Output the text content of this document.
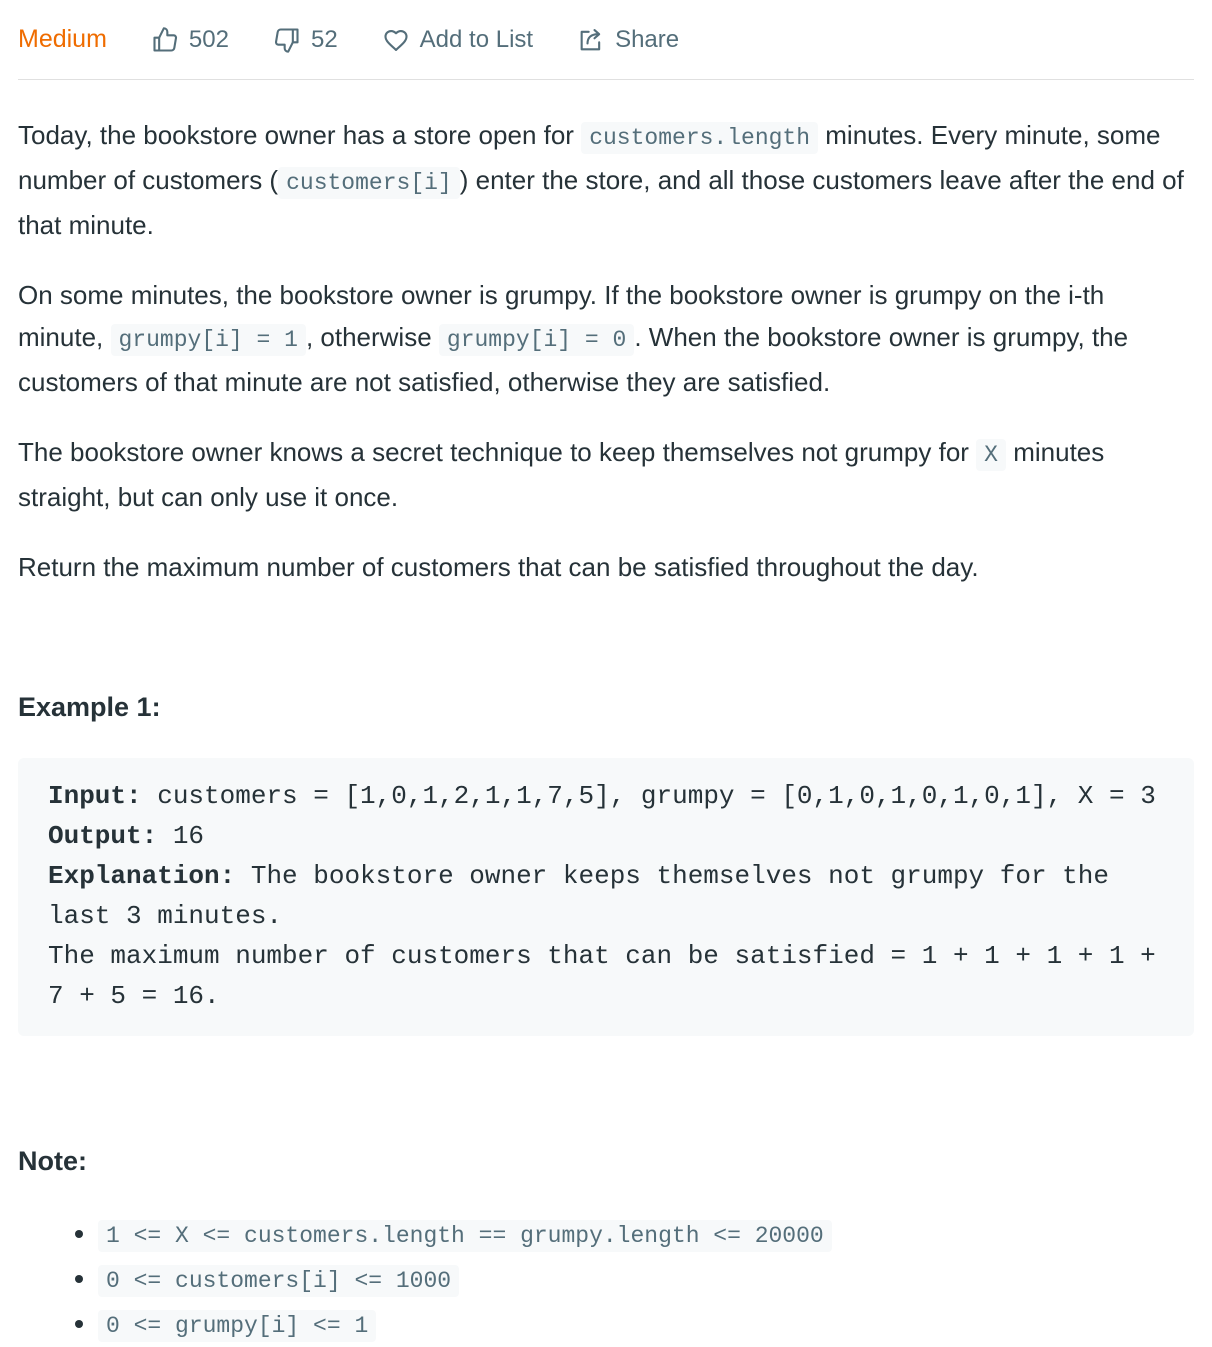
Medium	502	52	Add to List	Share

Today, the bookstore owner has a store open for customers.length minutes. Every minute, some number of customers ( customers[i] ) enter the store, and all those customers leave after the end of that minute.

On some minutes, the bookstore owner is grumpy. If the bookstore owner is grumpy on the i-th minute, grumpy[i] = 1 , otherwise grumpy[i] = 0 . When the bookstore owner is grumpy, the customers of that minute are not satisfied, otherwise they are satisfied.

The bookstore owner knows a secret technique to keep themselves not grumpy for X minutes straight, but can only use it once.

Return the maximum number of customers that can be satisfied throughout the day.

Example 1:
Input: customers = [1,0,1,2,1,1,7,5], grumpy = [0,1,0,1,0,1,0,1], X = 3
Output: 16
Explanation: The bookstore owner keeps themselves not grumpy for the last 3 minutes.
The maximum number of customers that can be satisfied = 1 + 1 + 1 + 1 + 7 + 5 = 16.
Note:
• 1 <= X <= customers.length == grumpy.length <= 20000
• 0 <= customers[i] <= 1000
• 0 <= grumpy[i] <= 1
